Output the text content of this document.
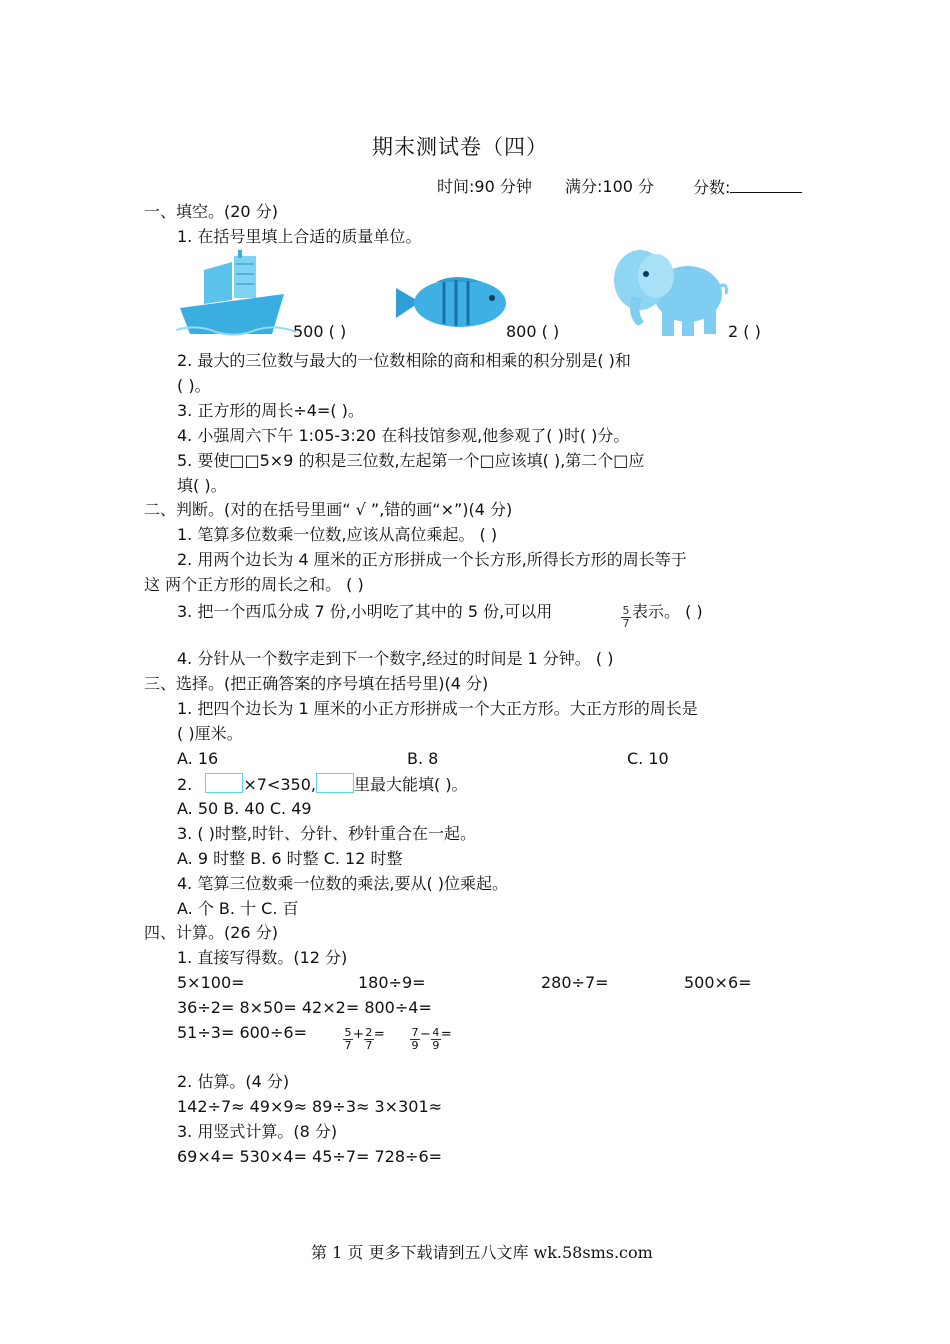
期末测试卷（四）
时间:90 分钟 满分:100 分 分数:
一、填空。(20 分)
1. 在括号里填上合适的质量单位。
500 ( )	800 ( )	2 ( )
2. 最大的三位数与最大的一位数相除的商和相乘的积分别是( )和
( )。
3. 正方形的周长÷4=( )。
4. 小强周六下午 1:05-3:20 在科技馆参观,他参观了( )时( )分。
5. 要使□□5×9 的积是三位数,左起第一个□应该填( ),第二个□应
填( )。
二、判断。(对的在括号里画“ √ ”,错的画“×”)(4 分)
1. 笔算多位数乘一位数,应该从高位乘起。 ( )
2. 用两个边长为 4 厘米的正方形拼成一个长方形,所得长方形的周长等于
这 两个正方形的周长之和。 ( )
3. 把一个西瓜分成 7 份,小明吃了其中的 5 份,可以用	5
7
表示。 ( )
4. 分针从一个数字走到下一个数字,经过的时间是 1 分钟。 ( )
三、选择。(把正确答案的序号填在括号里)(4 分)
1. 把四个边长为 1 厘米的小正方形拼成一个大正方形。大正方形的周长是
( )厘米。
A. 16	B. 8	C. 10
2.	×7<350, 里最大能填( )。
A. 50 B. 40 C. 49
3. ( )时整,时针、分针、秒针重合在一起。
A. 9 时整 B. 6 时整 C. 12 时整
4. 笔算三位数乘一位数的乘法,要从( )位乘起。
A. 个 B. 十 C. 百
四、计算。(26 分)
1. 直接写得数。(12 分)
5×100=	180÷9=	280÷7=	500×6=
36÷2= 8×50= 42×2= 800÷4=
51÷3= 600÷6=	$\frac{5}{7}+\frac{2}{7}= \frac{7}{9}-\frac{4}{9}=$
2. 估算。(4 分)
142÷7≈ 49×9≈ 89÷3≈ 3×301≈
3. 用竖式计算。(8 分)
69×4= 530×4= 45÷7= 728÷6=
第 1 页 更多下载请到五八文库 wk.58sms.com
